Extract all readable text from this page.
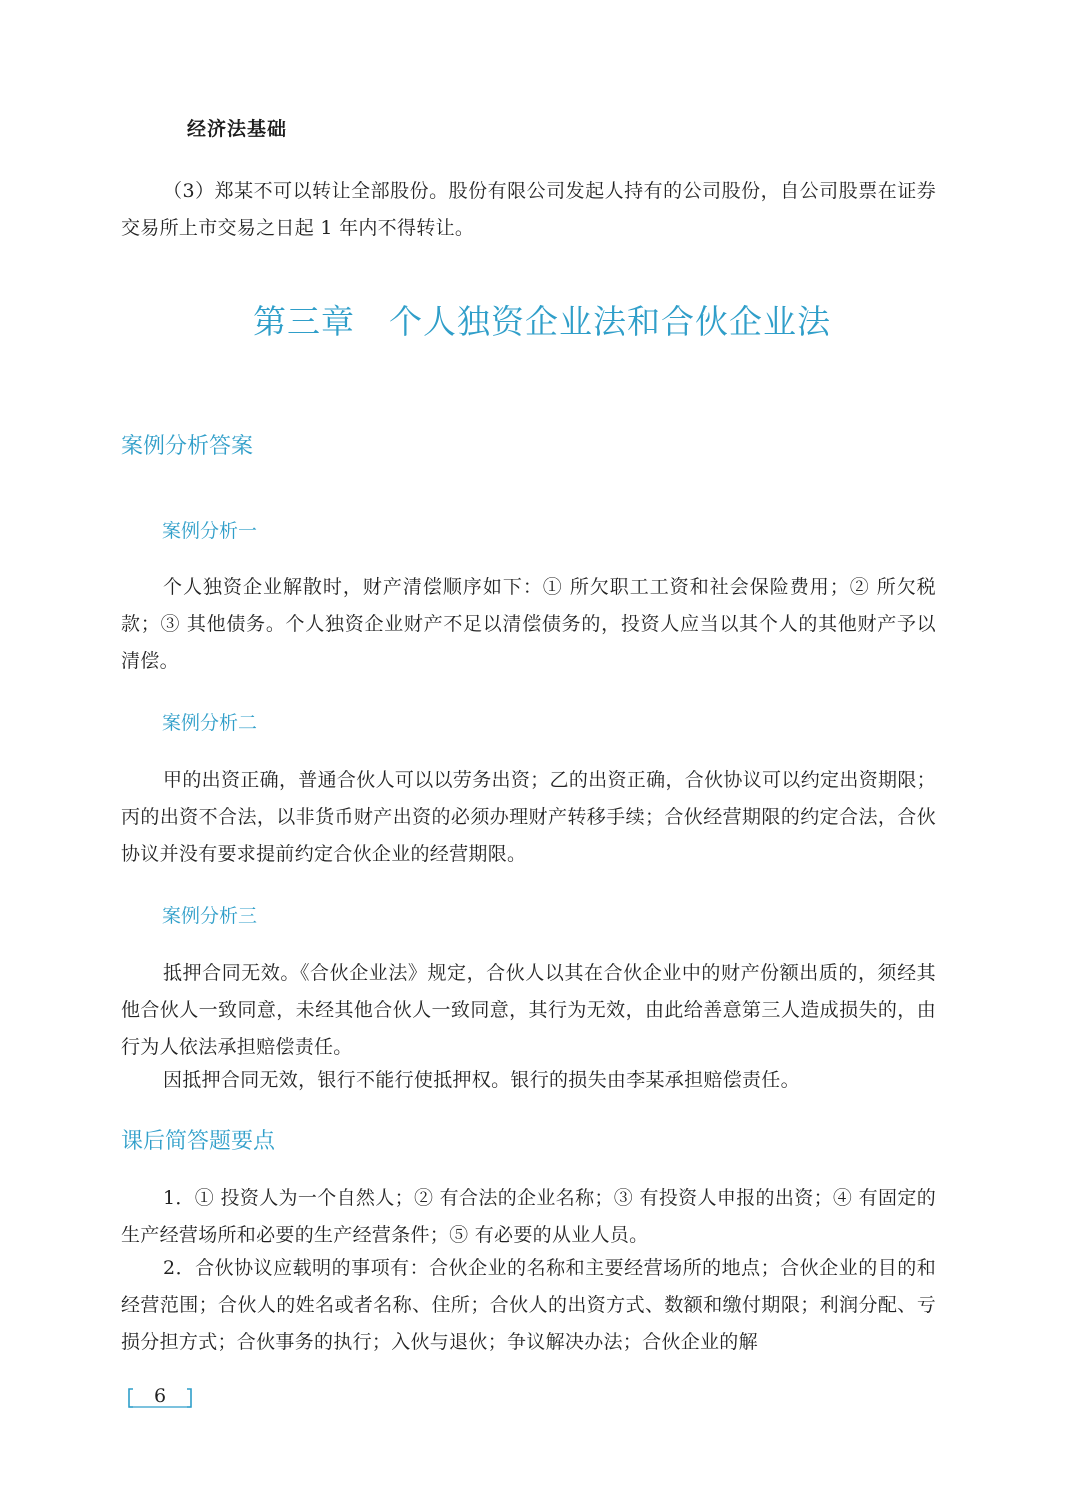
经济法基础

（3）郑某不可以转让全部股份。股份有限公司发起人持有的公司股份，自公司股票在证券交易所上市交易之日起 1 年内不得转让。

第三章　个人独资企业法和合伙企业法
案例分析答案
案例分析一

个人独资企业解散时，财产清偿顺序如下：① 所欠职工工资和社会保险费用；② 所欠税款；③ 其他债务。个人独资企业财产不足以清偿债务的，投资人应当以其个人的其他财产予以清偿。

案例分析二

甲的出资正确，普通合伙人可以以劳务出资；乙的出资正确，合伙协议可以约定出资期限；丙的出资不合法，以非货币财产出资的必须办理财产转移手续；合伙经营期限的约定合法，合伙协议并没有要求提前约定合伙企业的经营期限。

案例分析三

抵押合同无效。《合伙企业法》规定，合伙人以其在合伙企业中的财产份额出质的，须经其他合伙人一致同意，未经其他合伙人一致同意，其行为无效，由此给善意第三人造成损失的，由行为人依法承担赔偿责任。

因抵押合同无效，银行不能行使抵押权。银行的损失由李某承担赔偿责任。

课后简答题要点

1．① 投资人为一个自然人；② 有合法的企业名称；③ 有投资人申报的出资；④ 有固定的生产经营场所和必要的生产经营条件；⑤ 有必要的从业人员。

2．合伙协议应载明的事项有：合伙企业的名称和主要经营场所的地点；合伙企业的目的和经营范围；合伙人的姓名或者名称、住所；合伙人的出资方式、数额和缴付期限；利润分配、亏损分担方式；合伙事务的执行；入伙与退伙；争议解决办法；合伙企业的解

6
